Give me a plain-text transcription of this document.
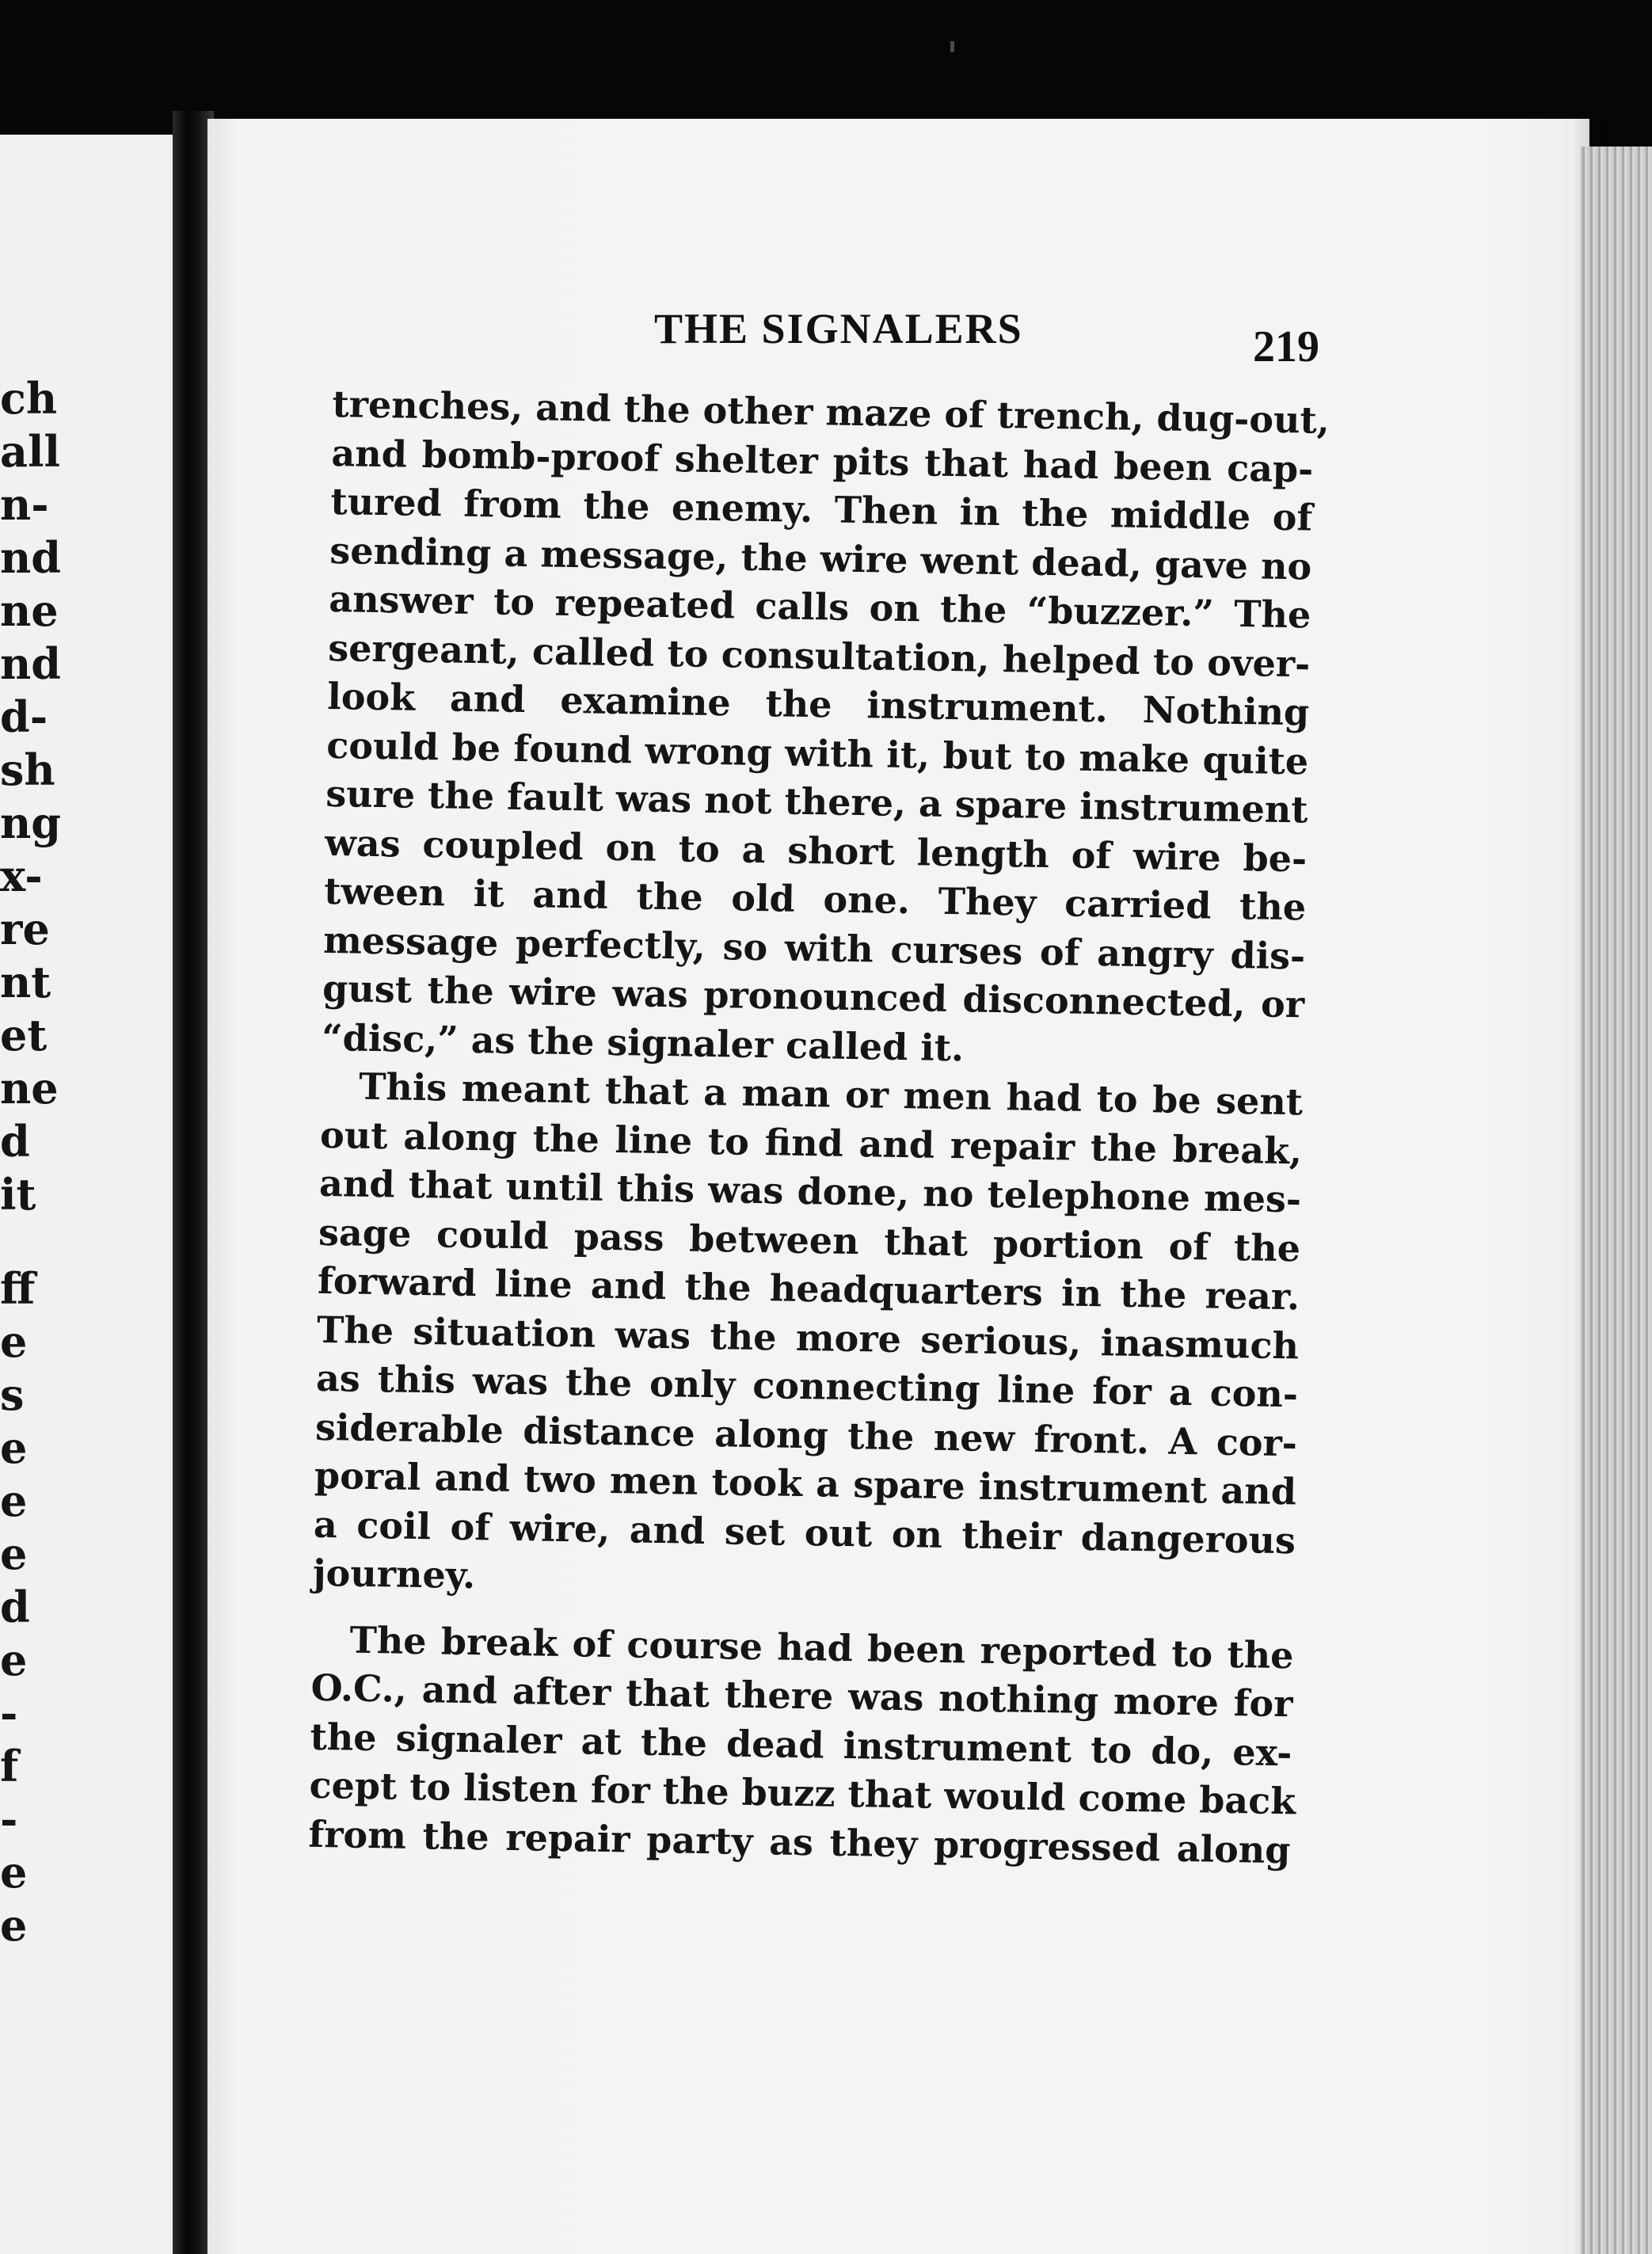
ch
all
n-
nd
ne
nd
d-
sh
ng
x-
re
nt
et
ne
d
it
ff
e
s
e
e
e
d
e
-
f
-
e
e
THE SIGNALERS	219
trenches, and the other maze of trench, dug-out,
and bomb-proof shelter pits that had been cap-
tured from the enemy. Then in the middle of
sending a message, the wire went dead, gave no
answer to repeated calls on the “buzzer.” The
sergeant, called to consultation, helped to over-
look and examine the instrument. Nothing
could be found wrong with it, but to make quite
sure the fault was not there, a spare instrument
was coupled on to a short length of wire be-
tween it and the old one. They carried the
message perfectly, so with curses of angry dis-
gust the wire was pronounced disconnected, or
“disc,” as the signaler called it.
This meant that a man or men had to be sent
out along the line to find and repair the break,
and that until this was done, no telephone mes-
sage could pass between that portion of the
forward line and the headquarters in the rear.
The situation was the more serious, inasmuch
as this was the only connecting line for a con-
siderable distance along the new front. A cor-
poral and two men took a spare instrument and
a coil of wire, and set out on their dangerous
journey.
The break of course had been reported to the
O.C., and after that there was nothing more for
the signaler at the dead instrument to do, ex-
cept to listen for the buzz that would come back
from the repair party as they progressed along
